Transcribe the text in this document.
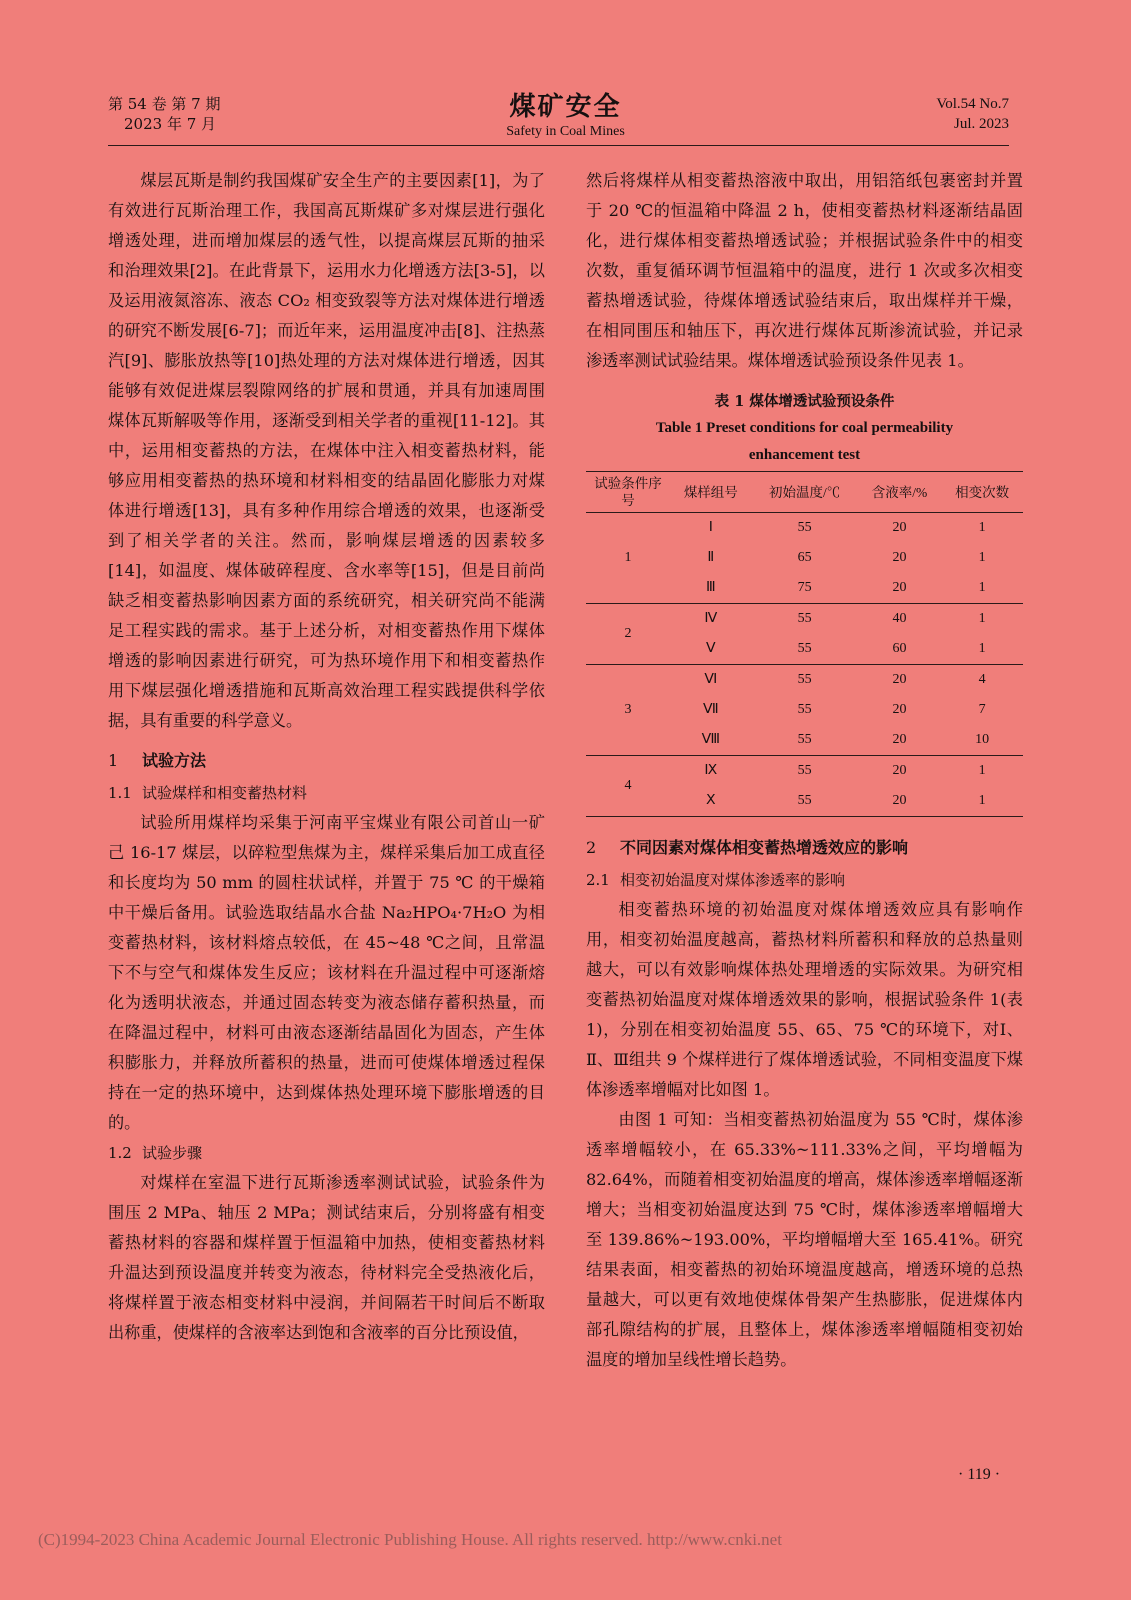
第 54 卷 第 7 期
2023 年 7 月
煤矿安全
Safety in Coal Mines
Vol.54 No.7
Jul. 2023

煤层瓦斯是制约我国煤矿安全生产的主要因素[1]，为了有效进行瓦斯治理工作，我国高瓦斯煤矿多对煤层进行强化增透处理，进而增加煤层的透气性，以提高煤层瓦斯的抽采和治理效果[2]。在此背景下，运用水力化增透方法[3-5]，以及运用液氮溶冻、液态 CO₂ 相变致裂等方法对煤体进行增透的研究不断发展[6-7]；而近年来，运用温度冲击[8]、注热蒸汽[9]、膨胀放热等[10]热处理的方法对煤体进行增透，因其能够有效促进煤层裂隙网络的扩展和贯通，并具有加速周围煤体瓦斯解吸等作用，逐渐受到相关学者的重视[11-12]。其中，运用相变蓄热的方法，在煤体中注入相变蓄热材料，能够应用相变蓄热的热环境和材料相变的结晶固化膨胀力对煤体进行增透[13]，具有多种作用综合增透的效果，也逐渐受到了相关学者的关注。然而，影响煤层增透的因素较多[14]，如温度、煤体破碎程度、含水率等[15]，但是目前尚缺乏相变蓄热影响因素方面的系统研究，相关研究尚不能满足工程实践的需求。基于上述分析，对相变蓄热作用下煤体增透的影响因素进行研究，可为热环境作用下和相变蓄热作用下煤层强化增透措施和瓦斯高效治理工程实践提供科学依据，具有重要的科学意义。

1 试验方法
1.1 试验煤样和相变蓄热材料

试验所用煤样均采集于河南平宝煤业有限公司首山一矿己 16-17 煤层，以碎粒型焦煤为主，煤样采集后加工成直径和长度均为 50 mm 的圆柱状试样，并置于 75 ℃ 的干燥箱中干燥后备用。试验选取结晶水合盐 Na₂HPO₄·7H₂O 为相变蓄热材料，该材料熔点较低，在 45~48 ℃之间，且常温下不与空气和煤体发生反应；该材料在升温过程中可逐渐熔化为透明状液态，并通过固态转变为液态储存蓄积热量，而在降温过程中，材料可由液态逐渐结晶固化为固态，产生体积膨胀力，并释放所蓄积的热量，进而可使煤体增透过程保持在一定的热环境中，达到煤体热处理环境下膨胀增透的目的。

1.2 试验步骤

对煤样在室温下进行瓦斯渗透率测试试验，试验条件为围压 2 MPa、轴压 2 MPa；测试结束后，分别将盛有相变蓄热材料的容器和煤样置于恒温箱中加热，使相变蓄热材料升温达到预设温度并转变为液态，待材料完全受热液化后，将煤样置于液态相变材料中浸润，并间隔若干时间后不断取出称重，使煤样的含液率达到饱和含液率的百分比预设值，

然后将煤样从相变蓄热溶液中取出，用铝箔纸包裹密封并置于 20 ℃的恒温箱中降温 2 h，使相变蓄热材料逐渐结晶固化，进行煤体相变蓄热增透试验；并根据试验条件中的相变次数，重复循环调节恒温箱中的温度，进行 1 次或多次相变蓄热增透试验，待煤体增透试验结束后，取出煤样并干燥，在相同围压和轴压下，再次进行煤体瓦斯渗流试验，并记录渗透率测试试验结果。煤体增透试验预设条件见表 1。

表 1 煤体增透试验预设条件
Table 1 Preset conditions for coal permeability
enhancement test
试验条件序号	煤样组号	初始温度/℃	含液率/%	相变次数
1	Ⅰ	55	20	1
	Ⅱ	65	20	1
	Ⅲ	75	20	1
2	Ⅳ	55	40	1
	Ⅴ	55	60	1
3	Ⅵ	55	20	4
	Ⅶ	55	20	7
	Ⅷ	55	20	10
4	Ⅸ	55	20	1
	Ⅹ	55	20	1
2 不同因素对煤体相变蓄热增透效应的影响
2.1 相变初始温度对煤体渗透率的影响

相变蓄热环境的初始温度对煤体增透效应具有影响作用，相变初始温度越高，蓄热材料所蓄积和释放的总热量则越大，可以有效影响煤体热处理增透的实际效果。为研究相变蓄热初始温度对煤体增透效果的影响，根据试验条件 1(表 1)，分别在相变初始温度 55、65、75 ℃的环境下，对Ⅰ、Ⅱ、Ⅲ组共 9 个煤样进行了煤体增透试验，不同相变温度下煤体渗透率增幅对比如图 1。

由图 1 可知：当相变蓄热初始温度为 55 ℃时，煤体渗透率增幅较小，在 65.33%~111.33%之间，平均增幅为 82.64%，而随着相变初始温度的增高，煤体渗透率增幅逐渐增大；当相变初始温度达到 75 ℃时，煤体渗透率增幅增大至 139.86%~193.00%，平均增幅增大至 165.41%。研究结果表面，相变蓄热的初始环境温度越高，增透环境的总热量越大，可以更有效地使煤体骨架产生热膨胀，促进煤体内部孔隙结构的扩展，且整体上，煤体渗透率增幅随相变初始温度的增加呈线性增长趋势。

· 119 ·
(C)1994-2023 China Academic Journal Electronic Publishing House. All rights reserved. http://www.cnki.net
